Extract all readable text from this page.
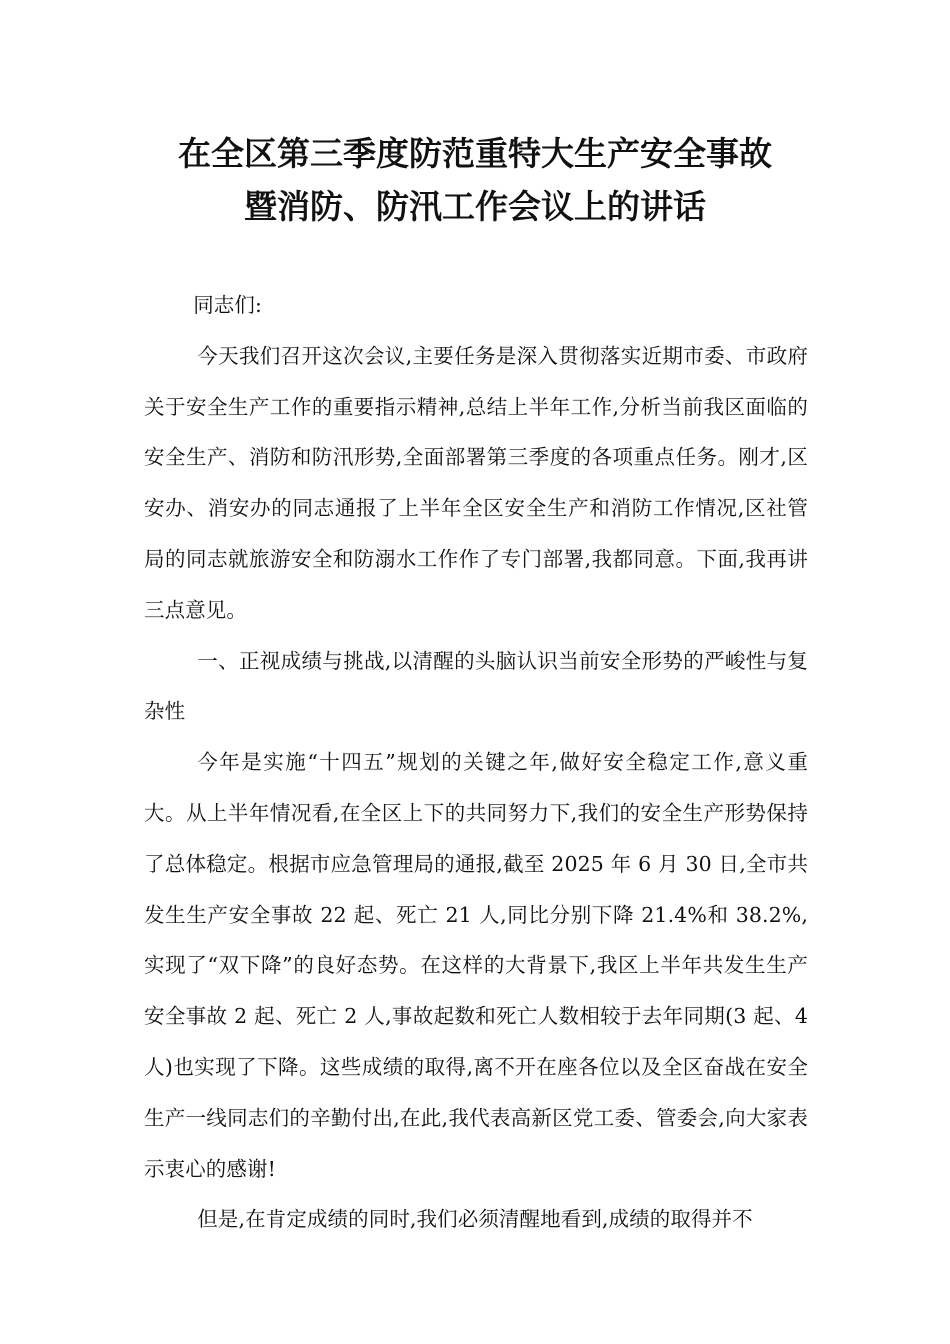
在全区第三季度防范重特大生产安全事故
暨消防、防汛工作会议上的讲话

同志们:

今天我们召开这次会议,主要任务是深入贯彻落实近期市委、市政府关于安全生产工作的重要指示精神,总结上半年工作,分析当前我区面临的安全生产、消防和防汛形势,全面部署第三季度的各项重点任务。刚才,区安办、消安办的同志通报了上半年全区安全生产和消防工作情况,区社管局的同志就旅游安全和防溺水工作作了专门部署,我都同意。下面,我再讲三点意见。

一、正视成绩与挑战,以清醒的头脑认识当前安全形势的严峻性与复杂性

今年是实施“十四五”规划的关键之年,做好安全稳定工作,意义重大。从上半年情况看,在全区上下的共同努力下,我们的安全生产形势保持了总体稳定。根据市应急管理局的通报,截至 2025 年 6 月 30 日,全市共发生生产安全事故 22 起、死亡 21 人,同比分别下降 21.4%和 38.2%,实现了“双下降”的良好态势。在这样的大背景下,我区上半年共发生生产安全事故 2 起、死亡 2 人,事故起数和死亡人数相较于去年同期(3 起、4 人)也实现了下降。这些成绩的取得,离不开在座各位以及全区奋战在安全生产一线同志们的辛勤付出,在此,我代表高新区党工委、管委会,向大家表示衷心的感谢!

但是,在肯定成绩的同时,我们必须清醒地看到,成绩的取得并不
